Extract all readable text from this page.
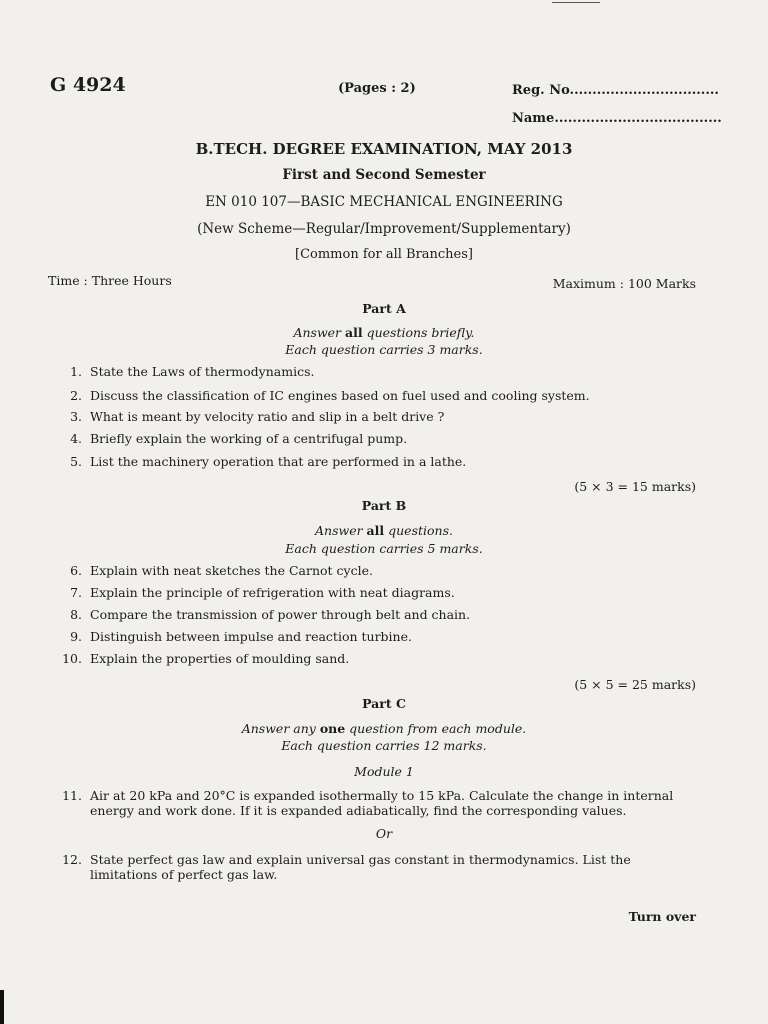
G 4924	(Pages : 2)	Reg. No.................................
Name.....................................
B.TECH. DEGREE EXAMINATION, MAY 2013
First and Second Semester
EN 010 107—BASIC MECHANICAL ENGINEERING
(New Scheme—Regular/Improvement/Supplementary)
[Common for all Branches]
Time : Three Hours	Maximum : 100 Marks
Part A
Answer all questions briefly.
Each question carries 3 marks.
1. State the Laws of thermodynamics.
2. Discuss the classification of IC engines based on fuel used and cooling system.
3. What is meant by velocity ratio and slip in a belt drive ?
4. Briefly explain the working of a centrifugal pump.
5. List the machinery operation that are performed in a lathe.
(5 × 3 = 15 marks)
Part B
Answer all questions.
Each question carries 5 marks.
6. Explain with neat sketches the Carnot cycle.
7. Explain the principle of refrigeration with neat diagrams.
8. Compare the transmission of power through belt and chain.
9. Distinguish between impulse and reaction turbine.
10. Explain the properties of moulding sand.
(5 × 5 = 25 marks)
Part C
Answer any one question from each module.
Each question carries 12 marks.
Module 1
11. Air at 20 kPa and 20°C is expanded isothermally to 15 kPa. Calculate the change in internal energy and work done. If it is expanded adiabatically, find the corresponding values.
Or
12. State perfect gas law and explain universal gas constant in thermodynamics. List the limitations of perfect gas law.
Turn over
